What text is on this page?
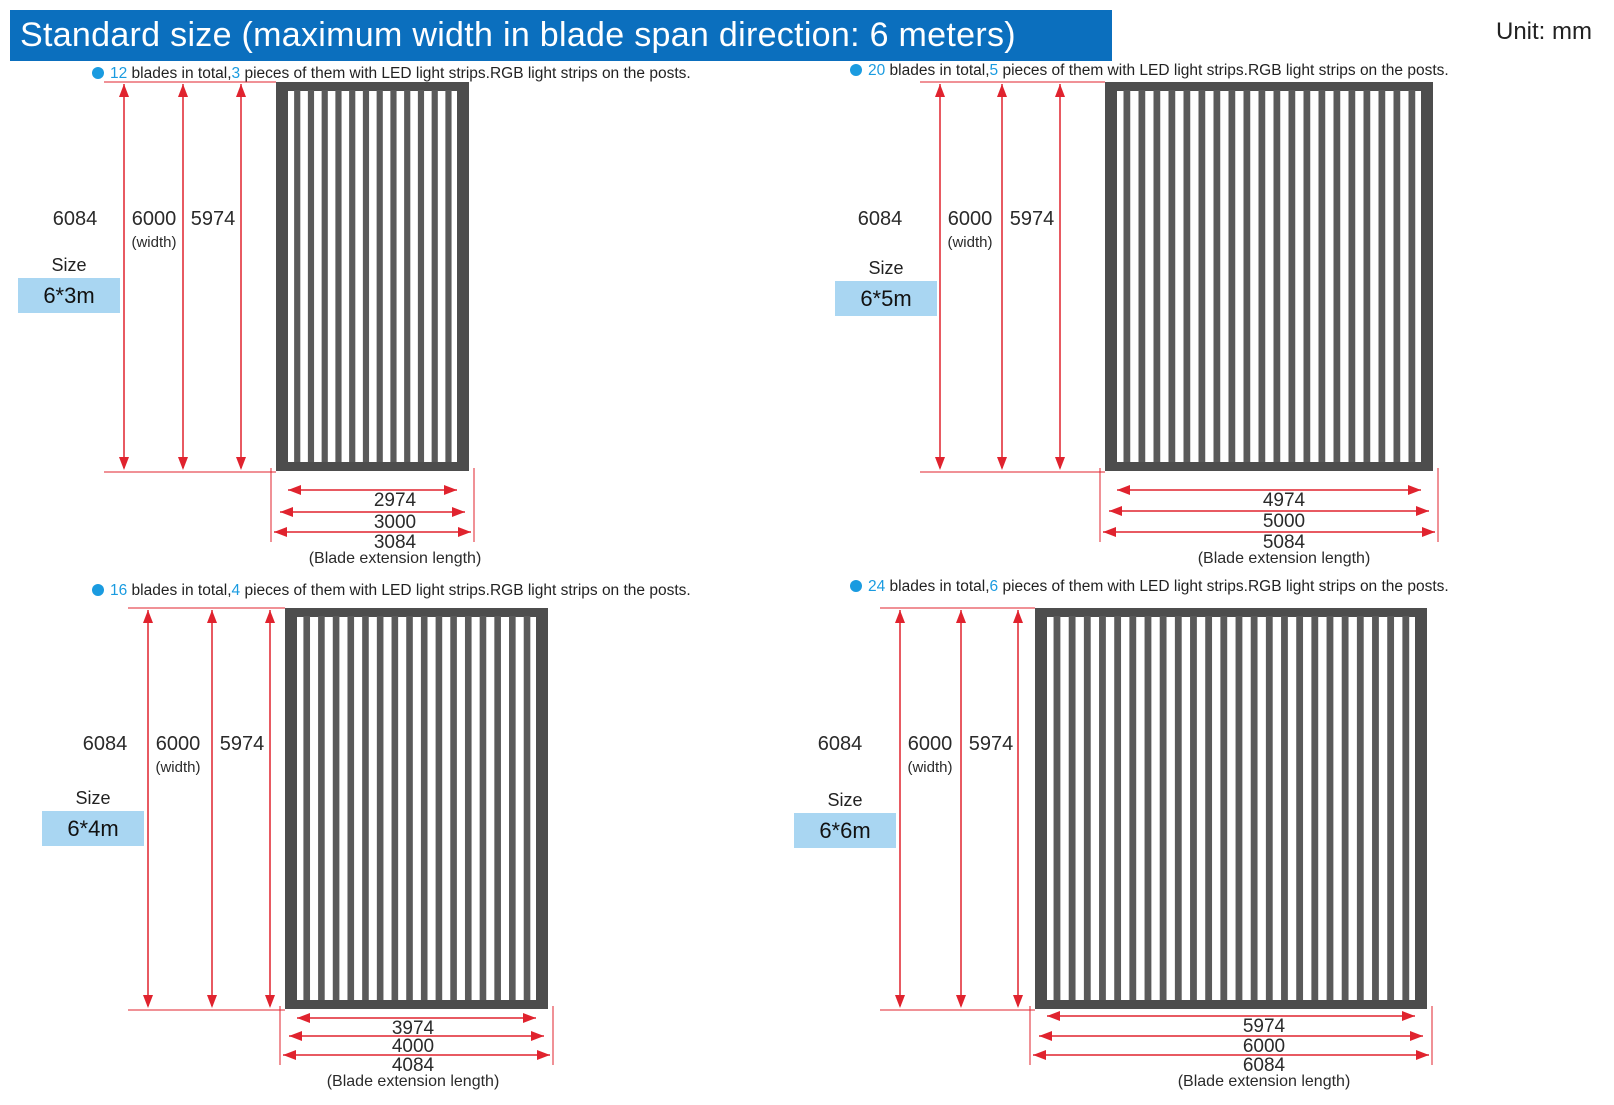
Standard size (maximum width in blade span direction: 6 meters)	Unit: mm
6084 6000
(width)
5974
2974
3000
3084
(Blade extension length)
6084 6000
(width)
5974
4974
5000
5084
(Blade extension length)
6084 6000
(width)
5974
3974
4000
4084
(Blade extension length)
6084 6000
(width)
5974
5974
6000
6084
(Blade extension length)
12 blades in total,3 pieces of them with LED light strips.RGB light strips on the posts.
Size
6*3m
20 blades in total,5 pieces of them with LED light strips.RGB light strips on the posts.
Size
6*5m
16 blades in total,4 pieces of them with LED light strips.RGB light strips on the posts.
Size
6*4m
24 blades in total,6 pieces of them with LED light strips.RGB light strips on the posts.
Size
6*6m
